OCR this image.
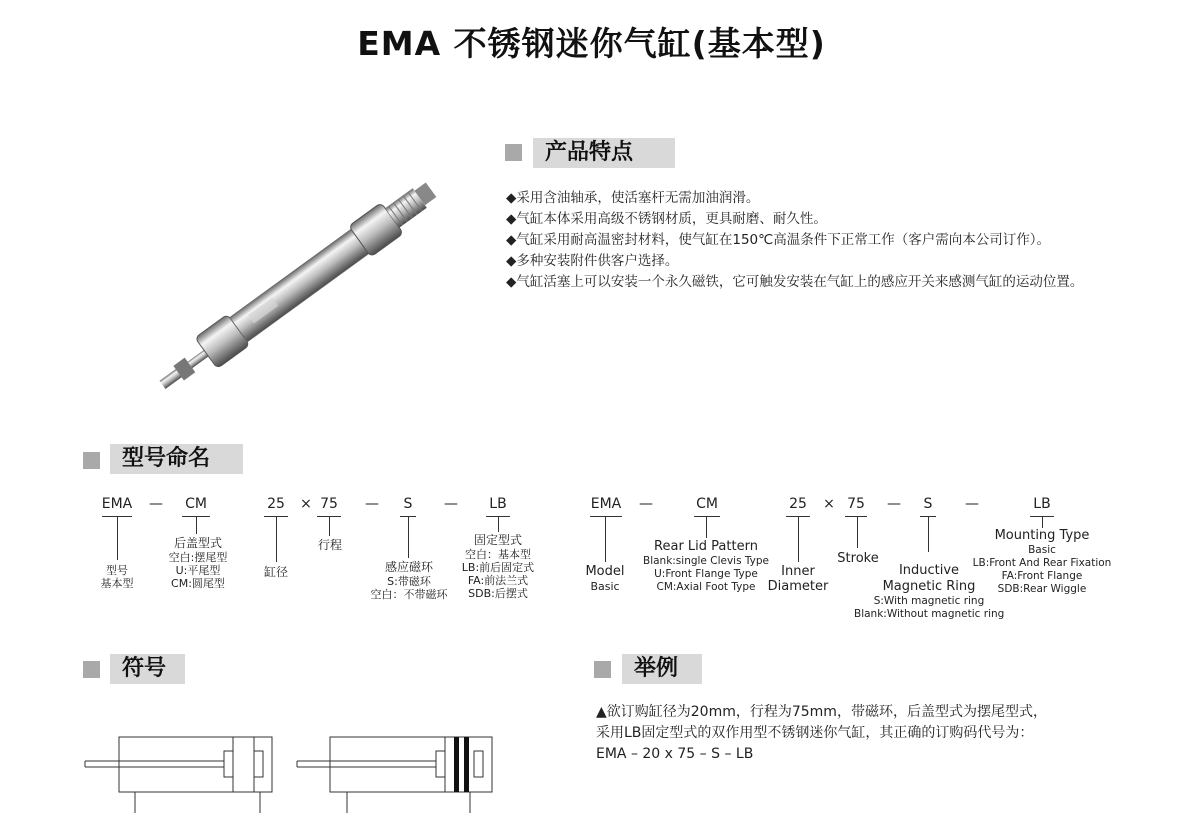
EMA 不锈钢迷你气缸(基本型)
产品特点
◆采用含油轴承，使活塞杆无需加油润滑。
◆气缸本体采用高级不锈钢材质，更具耐磨、耐久性。
◆气缸采用耐高温密封材料，使气缸在150℃高温条件下正常工作（客户需向本公司订作）。
◆多种安装附件供客户选择。
◆气缸活塞上可以安装一个永久磁铁，它可触发安装在气缸上的感应开关来感测气缸的运动位置。
型号命名
EMA	— CM	25	× 75 —	S	—	LB
型号
基本型
后盖型式
空白:摆尾型
U:平尾型
CM:圆尾型
缸径
行程
感应磁环
S:带磁环
空白：不带磁环
固定型式
空白：基本型
LB:前后固定式
FA:前法兰式
SDB:后摆式
EMA	—	CM	25	× 75 —	S	—	LB
Model
Basic
Rear Lid Pattern
Blank:single Clevis Type
U:Front Flange Type
CM:Axial Foot Type
Inner
Diameter
Stroke
Inductive
Magnetic Ring
S:With magnetic ring
Blank:Without magnetic ring
Mounting Type
Basic
LB:Front And Rear Fixation
FA:Front Flange
SDB:Rear Wiggle
符号	举例
▲欲订购缸径为20mm，行程为75mm，带磁环，后盖型式为摆尾型式，
采用LB固定型式的双作用型不锈钢迷你气缸，其正确的订购码代号为：
EMA – 20 x 75 – S – LB
